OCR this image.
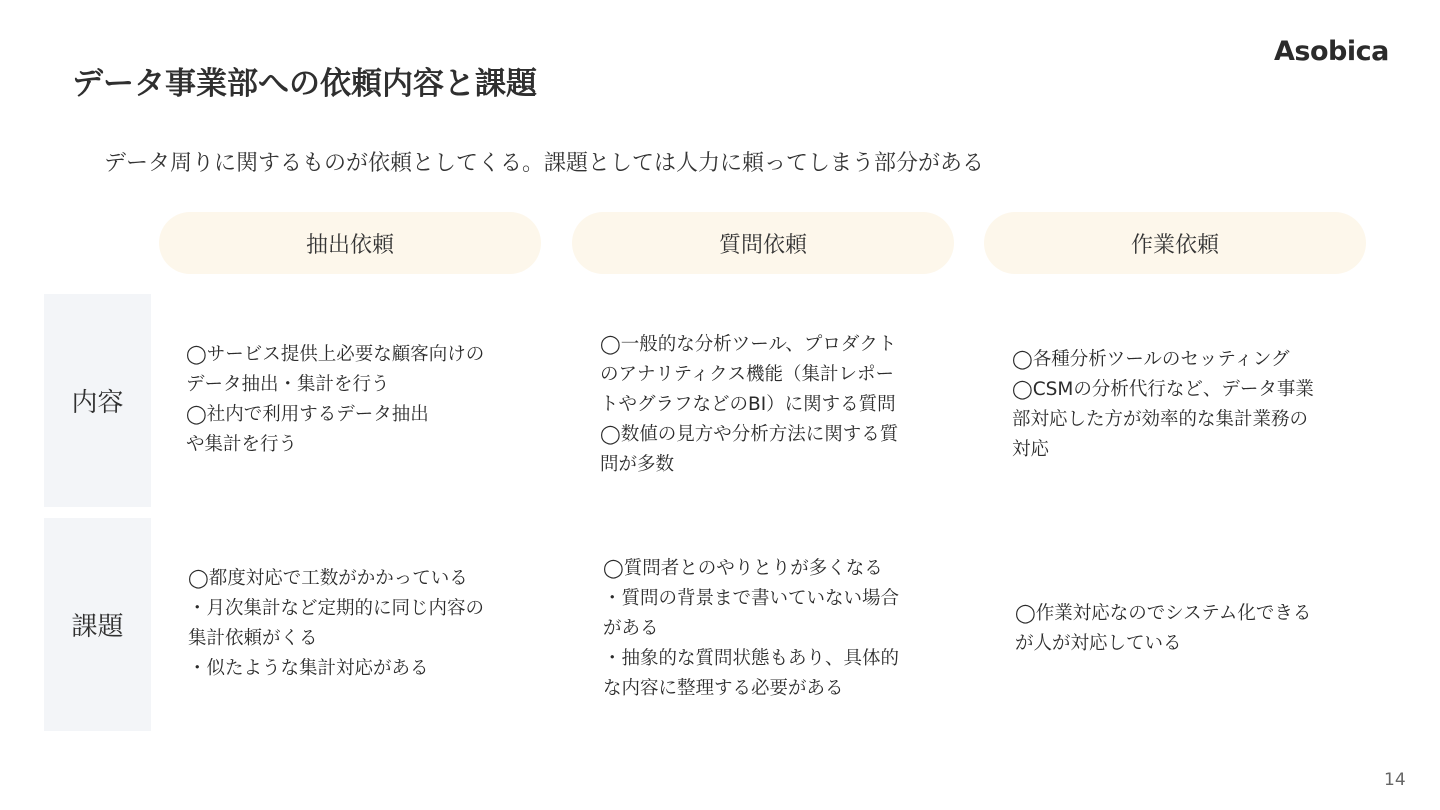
データ事業部への依頼内容と課題
Asobica
データ周りに関するものが依頼としてくる。課題としては人力に頼ってしまう部分がある
抽出依頼	質問依頼	作業依頼
内容
課題
◯サービス提供上必要な顧客向けの
データ抽出・集計を行う
◯社内で利用するデータ抽出
や集計を行う
◯一般的な分析ツール、プロダクト
のアナリティクス機能（集計レポー
トやグラフなどのBI）に関する質問
◯数値の見方や分析方法に関する質
問が多数
◯各種分析ツールのセッティング
◯CSMの分析代行など、データ事業
部対応した方が効率的な集計業務の
対応
◯都度対応で工数がかかっている
・月次集計など定期的に同じ内容の
集計依頼がくる
・似たような集計対応がある
◯質問者とのやりとりが多くなる
・質問の背景まで書いていない場合
がある
・抽象的な質問状態もあり、具体的
な内容に整理する必要がある
◯作業対応なのでシステム化できる
が人が対応している
14
